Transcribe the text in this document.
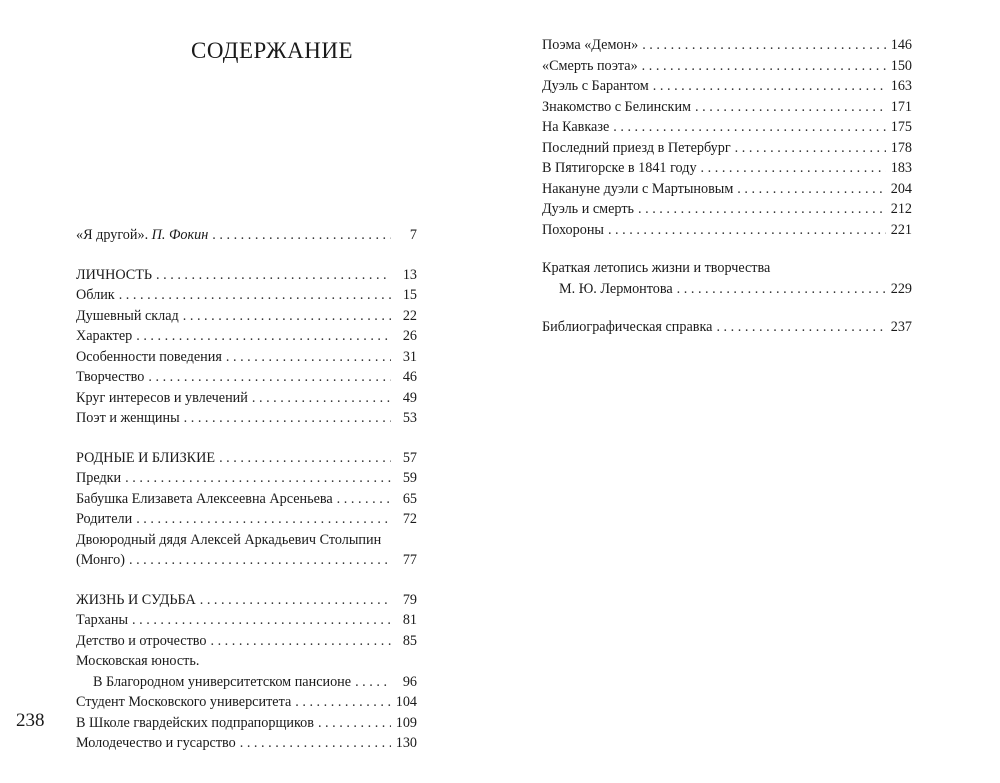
СОДЕРЖАНИЕ
«Я другой». П. Фокин . . .	7
ЛИЧНОСТЬ . . .	13
Облик . . .	15
Душевный склад . . .	22
Характер . . .	26
Особенности поведения . . .	31
Творчество . . .	46
Круг интересов и увлечений . . .	49
Поэт и женщины . . .	53
РОДНЫЕ И БЛИЗКИЕ . . .	57
Предки . . .	59
Бабушка Елизавета Алексеевна Арсеньева . . .	65
Родители . . .	72
Двоюродный дядя Алексей Аркадьевич Столыпин
(Монго) . . .	77
ЖИЗНЬ И СУДЬБА . . .	79
Тарханы . . .	81
Детство и отрочество . . .	85
Московская юность.
В Благородном университетском пансионе . . .	96
Студент Московского университета . . .	104
В Школе гвардейских подпрапорщиков . . .	109
Молодечество и гусарство . . .	130
238
Поэма «Демон» . . .	146
«Смерть поэта» . . .	150
Дуэль с Барантом . . .	163
Знакомство с Белинским . . .	171
На Кавказе . . .	175
Последний приезд в Петербург . . .	178
В Пятигорске в 1841 году . . .	183
Накануне дуэли с Мартыновым . . .	204
Дуэль и смерть . . .	212
Похороны . . .	221
Краткая летопись жизни и творчества
М. Ю. Лермонтова . . .	229
Библиографическая справка . . .	237
